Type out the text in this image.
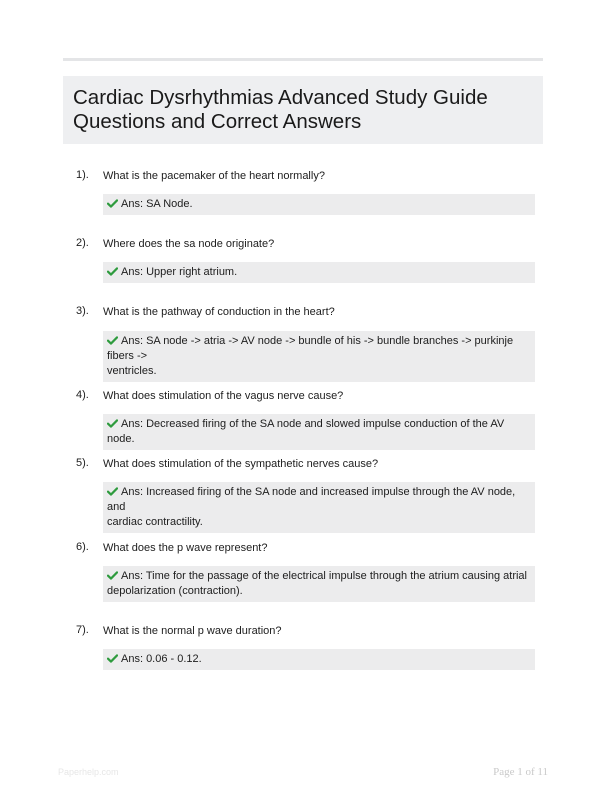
Cardiac Dysrhythmias Advanced Study Guide
Questions and Correct Answers
1). What is the pacemaker of the heart normally?
Ans: SA Node.
2). Where does the sa node originate?
Ans: Upper right atrium.
3). What is the pathway of conduction in the heart?
Ans: SA node -> atria -> AV node -> bundle of his -> bundle branches -> purkinje fibers ->
ventricles.
4). What does stimulation of the vagus nerve cause?
Ans: Decreased firing of the SA node and slowed impulse conduction of the AV node.
5). What does stimulation of the sympathetic nerves cause?
Ans: Increased firing of the SA node and increased impulse through the AV node, and
cardiac contractility.
6). What does the p wave represent?
Ans: Time for the passage of the electrical impulse through the atrium causing atrial
depolarization (contraction).
7). What is the normal p wave duration?
Ans: 0.06 - 0.12.
Paperhelp.com	Page 1 of 11
